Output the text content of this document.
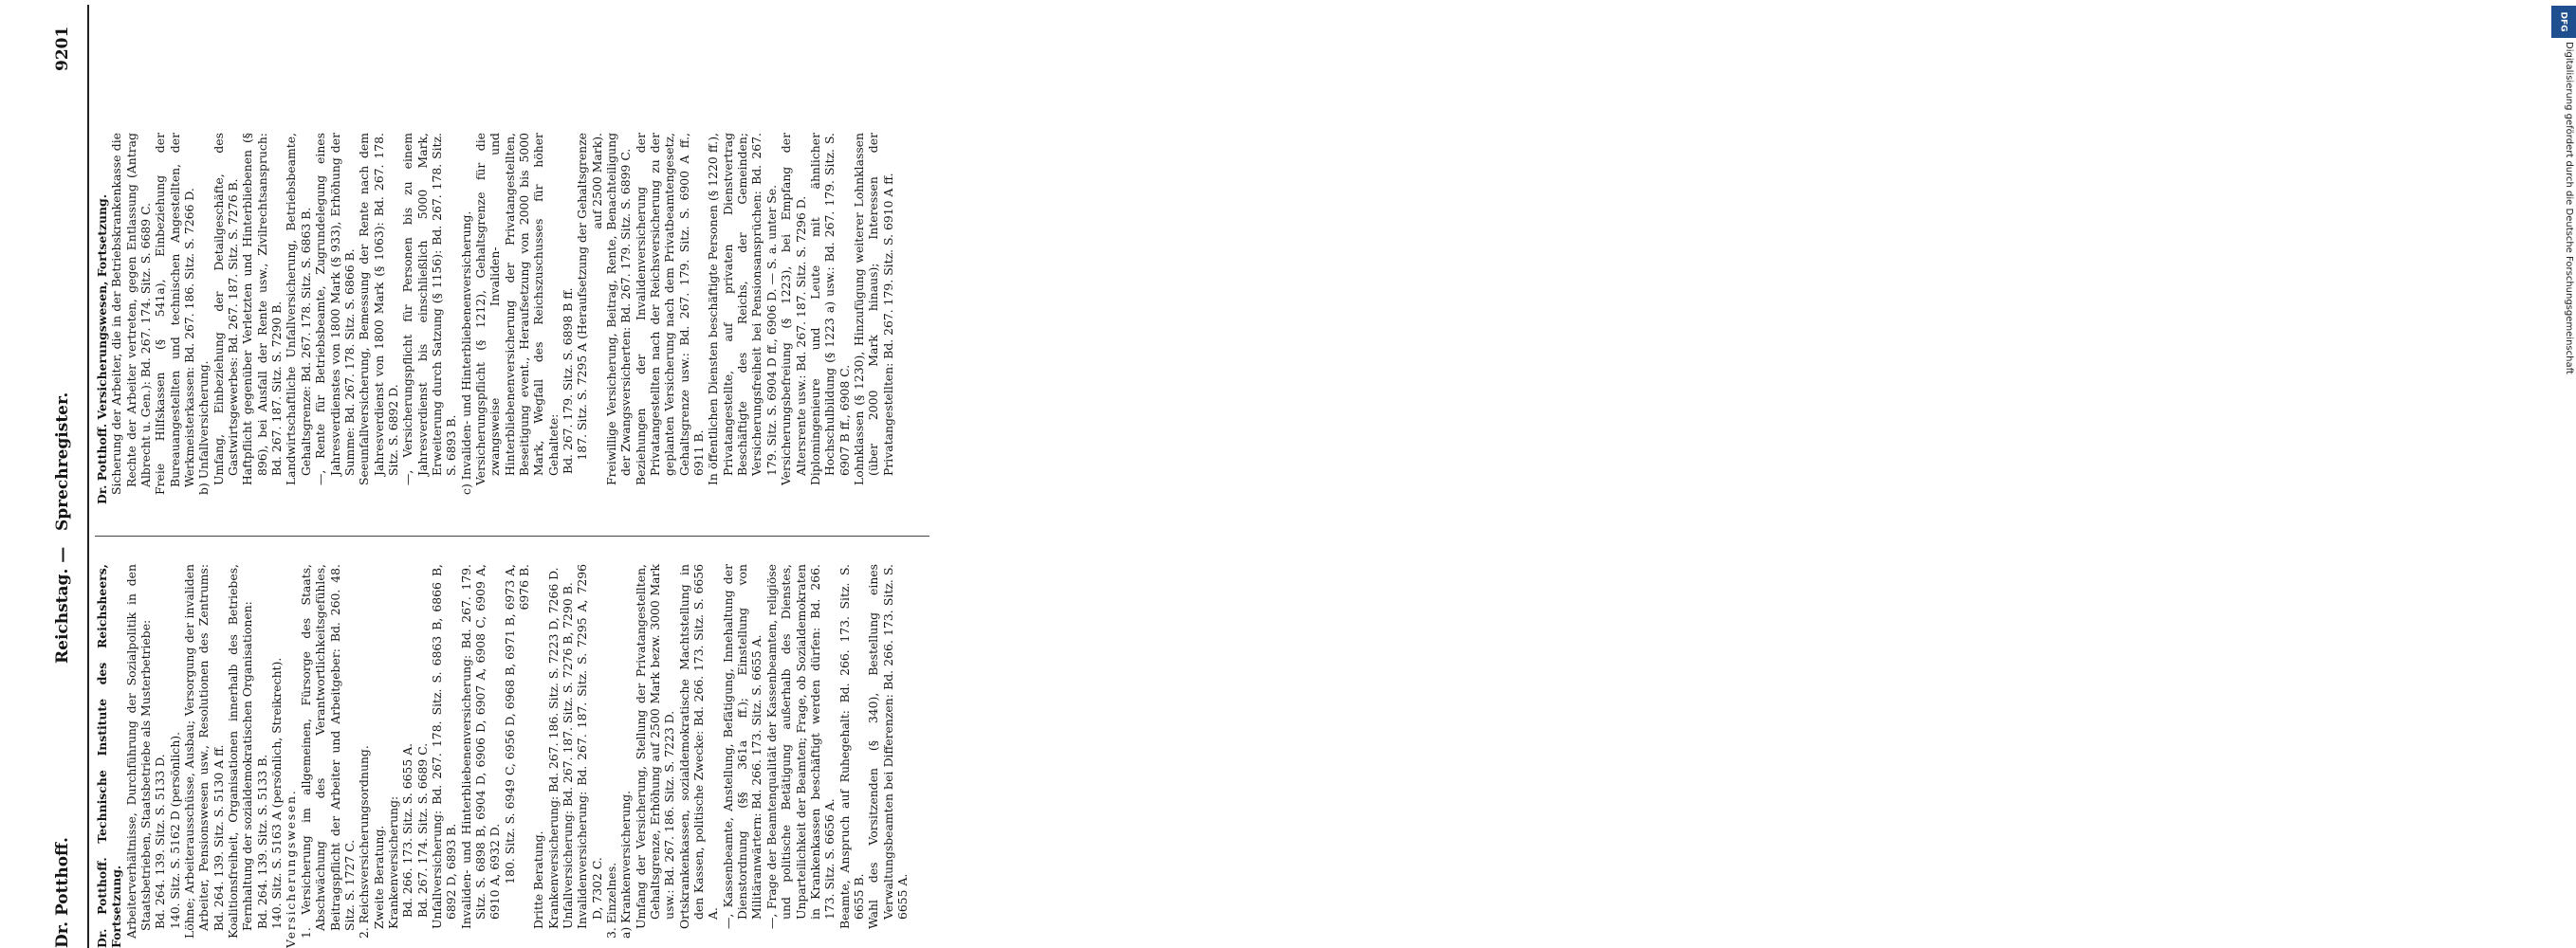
Dr. Potthoff.
Reichstag. —
Sprechregister.
9201

Dr. Potthoff. Technische Institute des Reichsheers, Fortsetzung. Arbeiterverhältnisse, Durchführung der Sozialpolitik in den Staatsbetrieben, Staatsbetriebe als Musterbetriebe: Bd. 264. 139. Sitz. S. 5133 D. 140. Sitz. S. 5162 D (persönlich). Löhne; Arbeiterausschüsse, Ausbau; Versorgung der invaliden Arbeiter, Pensionswesen usw., Resolutionen des Zentrums: Bd. 264. 139. Sitz. S. 5130 A ff. Koalitionsfreiheit, Organisationen innerhalb des Betriebes, Fernhaltung der sozialdemokratischen Organisationen: Bd. 264. 139. Sitz. S. 5133 B. 140. Sitz. S. 5163 A (persönlich, Streikrecht). Versicherungswesen. 1. Versicherung im allgemeinen, Fürsorge des Staats, Abschwächung des Verantwortlichkeitsgefühles, Beitragspflicht der Arbeiter und Arbeitgeber: Bd. 260. 48. Sitz. S. 1727 C. 2. Reichsversicherungsordnung. Zweite Beratung. Krankenversicherung: Bd. 266. 173. Sitz. S. 6655 A. Bd. 267. 174. Sitz. S. 6689 C. Unfallversicherung: Bd. 267. 178. Sitz. S. 6863 B, 6866 B, 6892 D, 6893 B. Invaliden- und Hinterbliebenenversicherung: Bd. 267. 179. Sitz. S. 6898 B, 6904 D, 6906 D, 6907 A, 6908 C, 6909 A, 6910 A, 6932 D. 180. Sitz. S. 6949 C, 6956 D, 6968 B, 6971 B, 6973 A, 6976 B.

Dritte Beratung. Krankenversicherung: Bd. 267. 186. Sitz. S. 7223 D, 7266 D. Unfallversicherung: Bd. 267. 187. Sitz. S. 7276 B, 7290 B. Invalidenversicherung: Bd. 267. 187. Sitz. S. 7295 A, 7296 D, 7302 C. 3. Einzelnes. a) Krankenversicherung. Umfang der Versicherung, Stellung der Privatangestellten, Gehaltsgrenze, Erhöhung auf 2500 Mark bezw. 3000 Mark usw.: Bd. 267. 186. Sitz. S. 7223 D. Ortskrankenkassen, sozialdemokratische Machtstellung in den Kassen, politische Zwecke: Bd. 266. 173. Sitz. S. 6656 A. —, Kassenbeamte, Anstellung, Befätigung, Innehaltung der Dienstordnung (§§ 361a ff.); Einstellung von Militäranwärtern: Bd. 266. 173. Sitz. S. 6655 A. —, Frage der Beamtenqualität der Kassenbeamten, religiöse und politische Betätigung außerhalb des Dienstes, Unparteilichkeit der Beamten; Frage, ob Sozialdemokraten in Krankenkassen beschäftigt werden dürfen: Bd. 266. 173. Sitz. S. 6656 A. Beamte, Anspruch auf Ruhegehalt: Bd. 266. 173. Sitz. S. 6655 B. Wahl des Vorsitzenden (§ 340), Bestellung eines Verwaltungsbeamten bei Differenzen: Bd. 266. 173. Sitz. S. 6655 A.

Dr. Potthoff. Versicherungswesen, Fortsetzung. Sicherung der Arbeiter, die in der Betriebskrankenkasse die Rechte der Arbeiter vertreten, gegen Entlassung (Antrag Albrecht u. Gen.): Bd. 267. 174. Sitz. S. 6689 C. Freie Hilfskassen (§ 541a), Einbeziehung der Bureauangestellten und technischen Angestellten, der Werkmeisterkassen: Bd. 267. 186. Sitz. S. 7266 D. b) Unfallversicherung. Umfang, Einbeziehung der Detailgeschäfte, des Gastwirtsgewerbes: Bd. 267. 187. Sitz. S. 7276 B. Haftpflicht gegenüber Verletzten und Hinterbliebenen (§ 896), bei Ausfall der Rente usw., Zivilrechtsanspruch: Bd. 267. 187. Sitz. S. 7290 B. Landwirtschaftliche Unfallversicherung, Betriebsbeamte, Gehaltsgrenze: Bd. 267. 178. Sitz. S. 6863 B. —, Rente für Betriebsbeamte, Zugrundelegung eines Jahresverdienstes von 1800 Mark (§ 933), Erhöhung der Summe: Bd. 267. 178. Sitz. S. 6866 B. Seeunfallversicherung, Bemessung der Rente nach dem Jahresverdienst von 1800 Mark (§ 1063): Bd. 267. 178. Sitz. S. 6892 D. —, Versicherungspflicht für Personen bis zu einem Jahresverdienst bis einschließlich 5000 Mark, Erweiterung durch Satzung (§ 1156): Bd. 267. 178. Sitz. S. 6893 B. c) Invaliden- und Hinterbliebenenversicherung. Versicherungspflicht (§ 1212), Gehaltsgrenze für die zwangsweise Invaliden- und Hinterbliebenenversicherung der Privatangestellten, Beseitigung event., Heraufsetzung von 2000 bis 5000 Mark, Wegfall des Reichszuschusses für höher Gehaltete: Bd. 267. 179. Sitz. S. 6898 B ff. 187. Sitz. S. 7295 A (Heraufsetzung der Gehaltsgrenze auf 2500 Mark). Freiwillige Versicherung, Beitrag, Rente, Benachteiligung der Zwangsversicherten: Bd. 267. 179. Sitz. S. 6899 C. Beziehungen der Invalidenversicherung der Privatangestellten nach der Reichsversicherung zu der geplanten Versicherung nach dem Privatbeamtengesetz, Gehaltsgrenze usw.: Bd. 267. 179. Sitz. S. 6900 A ff., 6911 B. In öffentlichen Diensten beschäftigte Personen (§ 1220 ff.), Privatangestellte, auf privaten Dienstvertrag Beschäftigte des Reichs, der Gemeinden; Versicherungsfreiheit bei Pensionsansprüchen: Bd. 267. 179. Sitz. S. 6904 D ff., 6906 D. — S. a. unter Se. Versicherungsbefreiung (§ 1223), bei Empfang der Altersrente usw.: Bd. 267. 187. Sitz. S. 7296 D. Diplomingenieure und Leute mit ähnlicher Hochschulbildung (§ 1223 a) usw.: Bd. 267. 179. Sitz. S. 6907 B ff., 6908 C. Lohnklassen (§ 1230), Hinzufügung weiterer Lohnklassen (über 2000 Mark hinaus); Interessen der Privatangestellten: Bd. 267. 179. Sitz. S. 6910 A ff.

DFG
Digitalisierung gefördert durch die Deutsche Forschungsgemeinschaft
